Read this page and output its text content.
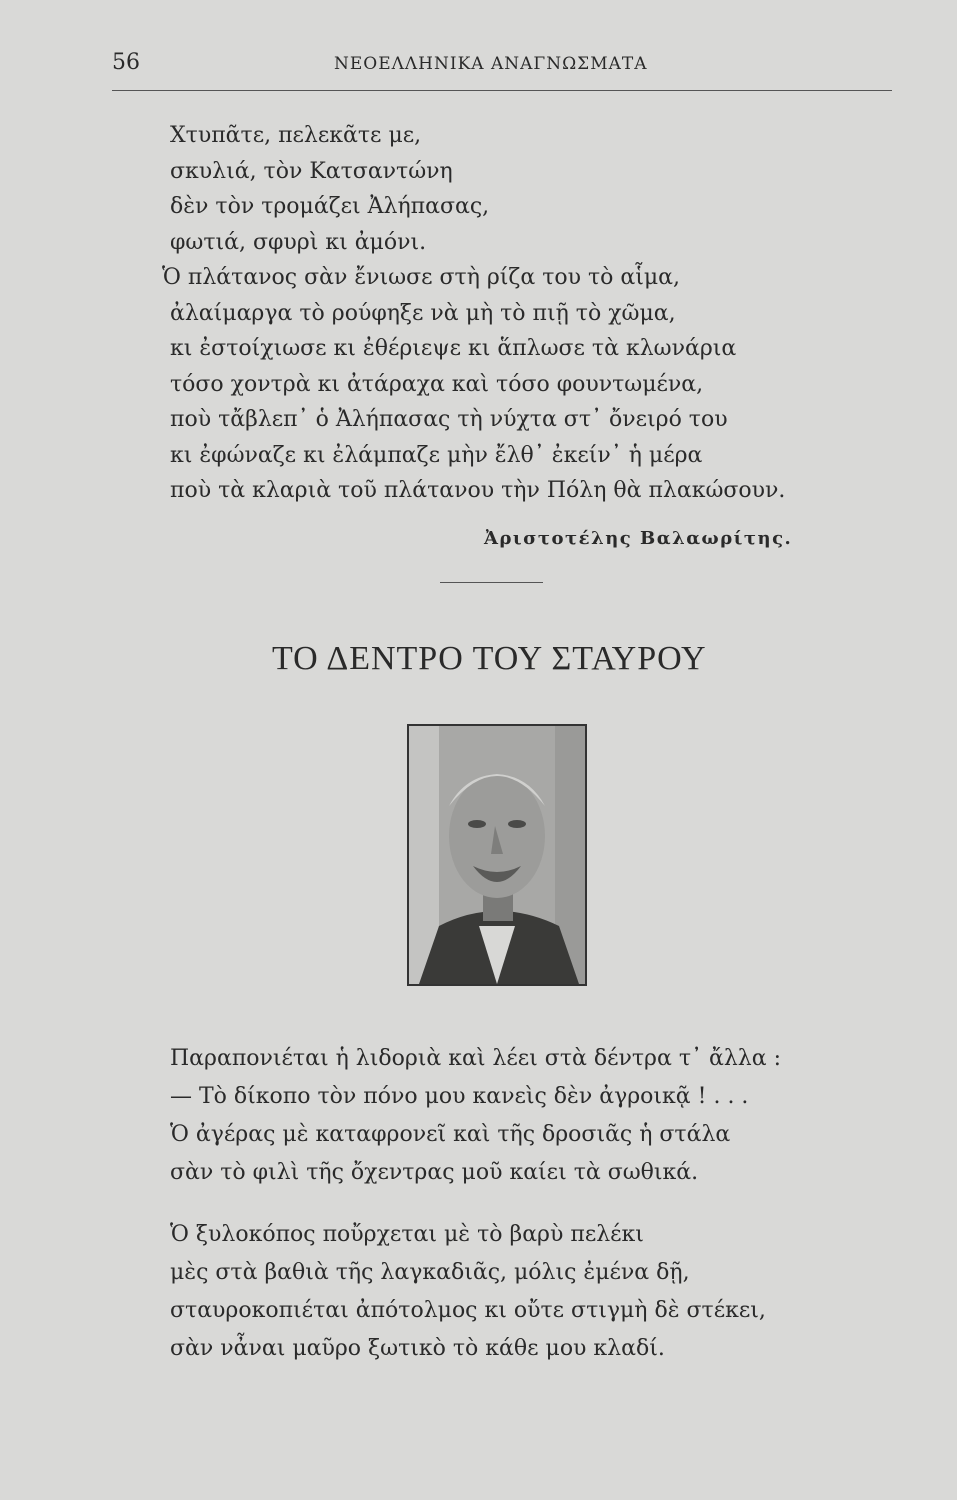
56	ΝΕΟΕΛΛΗΝΙΚΑ ΑΝΑΓΝΩΣΜΑΤΑ
Χτυπᾶτε, πελεκᾶτε με,
σκυλιά, τὸν Κατσαντώνη
δὲν τὸν τρομάζει Ἀλήπασας,
φωτιά, σφυρὶ κι ἀμόνι.
Ὁ πλάτανος σὰν ἔνιωσε στὴ ρίζα του τὸ αἷμα,
ἀλαίμαργα τὸ ρούφηξε νὰ μὴ τὸ πιῇ τὸ χῶμα,
κι ἐστοίχιωσε κι ἐθέριεψε κι ἅπλωσε τὰ κλωνάρια
τόσο χοντρὰ κι ἀτάραχα καὶ τόσο φουντωμένα,
ποὺ τἄβλεπ᾽ ὁ Ἀλήπασας τὴ νύχτα στ᾽ ὄνειρό του
κι ἐφώναζε κι ἐλάμπαζε μὴν ἔλθ᾽ ἐκείν᾽ ἡ μέρα
ποὺ τὰ κλαριὰ τοῦ πλάτανου τὴν Πόλη θὰ πλακώσουν.
Ἀριστοτέλης Βαλαωρίτης.
ΤΟ ΔΕΝΤΡΟ ΤΟΥ ΣΤΑΥΡΟΥ
Παραπονιέται ἡ λιδοριὰ καὶ λέει στὰ δέντρα τ᾽ ἄλλα :
— Τὸ δίκοπο τὸν πόνο μου κανεὶς δὲν ἀγροικᾷ ! . . .
Ὁ ἀγέρας μὲ καταφρονεῖ καὶ τῆς δροσιᾶς ἡ στάλα
σὰν τὸ φιλὶ τῆς ὄχεντρας μοῦ καίει τὰ σωθικά.
Ὁ ξυλοκόπος ποὔρχεται μὲ τὸ βαρὺ πελέκι
μὲς στὰ βαθιὰ τῆς λαγκαδιᾶς, μόλις ἐμένα δῇ,
σταυροκοπιέται ἀπότολμος κι οὔτε στιγμὴ δὲ στέκει,
σὰν νἆναι μαῦρο ξωτικὸ τὸ κάθε μου κλαδί.
